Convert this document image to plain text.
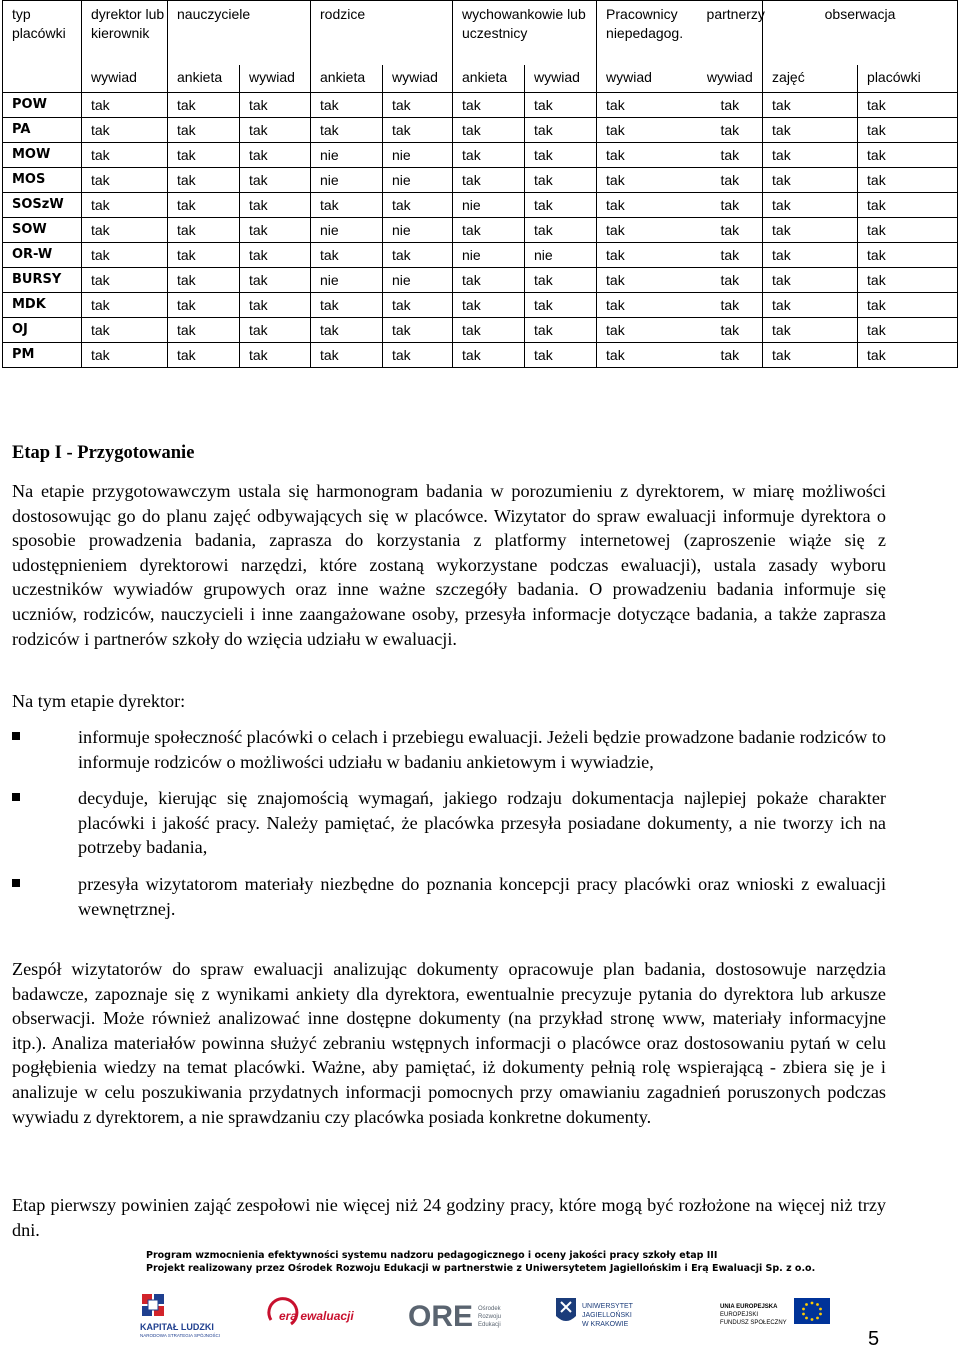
typ placówki	dyrektor lub kierownik	nauczyciele		rodzice		wychowankowie lub uczestnicy		Pracownicy niepedagog.	partnerzy	obserwacja	
	wywiad	ankieta	wywiad	ankieta	wywiad	ankieta	wywiad	wywiad	wywiad	zajęć	placówki
POW	tak	tak	tak	tak	tak	tak	tak	tak	tak	tak	tak
PA	tak	tak	tak	tak	tak	tak	tak	tak	tak	tak	tak
MOW	tak	tak	tak	nie	nie	tak	tak	tak	tak	tak	tak
MOS	tak	tak	tak	nie	nie	tak	tak	tak	tak	tak	tak
SOSzW	tak	tak	tak	tak	tak	nie	tak	tak	tak	tak	tak
SOW	tak	tak	tak	nie	nie	tak	tak	tak	tak	tak	tak
OR-W	tak	tak	tak	tak	tak	nie	nie	tak	tak	tak	tak
BURSY	tak	tak	tak	nie	nie	tak	tak	tak	tak	tak	tak
MDK	tak	tak	tak	tak	tak	tak	tak	tak	tak	tak	tak
OJ	tak	tak	tak	tak	tak	tak	tak	tak	tak	tak	tak
PM	tak	tak	tak	tak	tak	tak	tak	tak	tak	tak	tak
Etap I - Przygotowanie
Na etapie przygotowawczym ustala się harmonogram badania w porozumieniu z dyrektorem, w miarę możliwości dostosowując go do planu zajęć odbywających się w placówce. Wizytator do spraw ewaluacji informuje dyrektora o sposobie prowadzenia badania, zaprasza do korzystania z platformy internetowej (zaproszenie wiąże się z udostępnieniem dyrektorowi narzędzi, które zostaną wykorzystane podczas ewaluacji), ustala zasady wyboru uczestników wywiadów grupowych oraz inne ważne szczegóły badania. O prowadzeniu badania informuje się uczniów, rodziców, nauczycieli i inne zaangażowane osoby, przesyła informacje dotyczące badania, a także zaprasza rodziców i partnerów szkoły do wzięcia udziału w ewaluacji.
Na tym etapie dyrektor:
informuje społeczność placówki o celach i przebiegu ewaluacji. Jeżeli będzie prowadzone badanie rodziców to informuje rodziców o możliwości udziału w badaniu ankietowym i wywiadzie,
decyduje, kierując się znajomością wymagań, jakiego rodzaju dokumentacja najlepiej pokaże charakter placówki i jakość pracy. Należy pamiętać, że placówka przesyła posiadane dokumenty, a nie tworzy ich na potrzeby badania,
przesyła wizytatorom materiały niezbędne do poznania koncepcji pracy placówki oraz wnioski z ewaluacji wewnętrznej.
Zespół wizytatorów do spraw ewaluacji analizując dokumenty opracowuje plan badania, dostosowuje narzędzia badawcze, zapoznaje się z wynikami ankiety dla dyrektora, ewentualnie precyzuje pytania do dyrektora lub arkusze obserwacji. Może również analizować inne dostępne dokumenty (na przykład stronę www, materiały informacyjne itp.). Analiza materiałów powinna służyć zebraniu wstępnych informacji o placówce oraz dostosowaniu pytań w celu pogłębienia wiedzy na temat placówki. Ważne, aby pamiętać, iż dokumenty pełnią rolę wspierającą - zbiera się je i analizuje w celu poszukiwania przydatnych informacji pomocnych przy omawianiu zagadnień poruszonych podczas wywiadu z dyrektorem, a nie sprawdzaniu czy placówka posiada konkretne dokumenty.
Etap pierwszy powinien zająć zespołowi nie więcej niż 24 godziny pracy, które mogą być rozłożone na więcej niż trzy dni.
Program wzmocnienia efektywności systemu nadzoru pedagogicznego i oceny jakości pracy szkoły etap III
Projekt realizowany przez Ośrodek Rozwoju Edukacji w partnerstwie z Uniwersytetem Jagiellońskim i Erą Ewaluacji Sp. z o.o.
KAPITAŁ LUDZKI
NARODOWA STRATEGIA SPÓJNOŚCI
era ewaluacji ORE Ośrodek
Rozwoju
Edukacji
UNIWERSYTET
JAGIELLOŃSKI
W KRAKOWIE
UNIA EUROPEJSKA
EUROPEJSKI
FUNDUSZ SPOŁECZNY
5
